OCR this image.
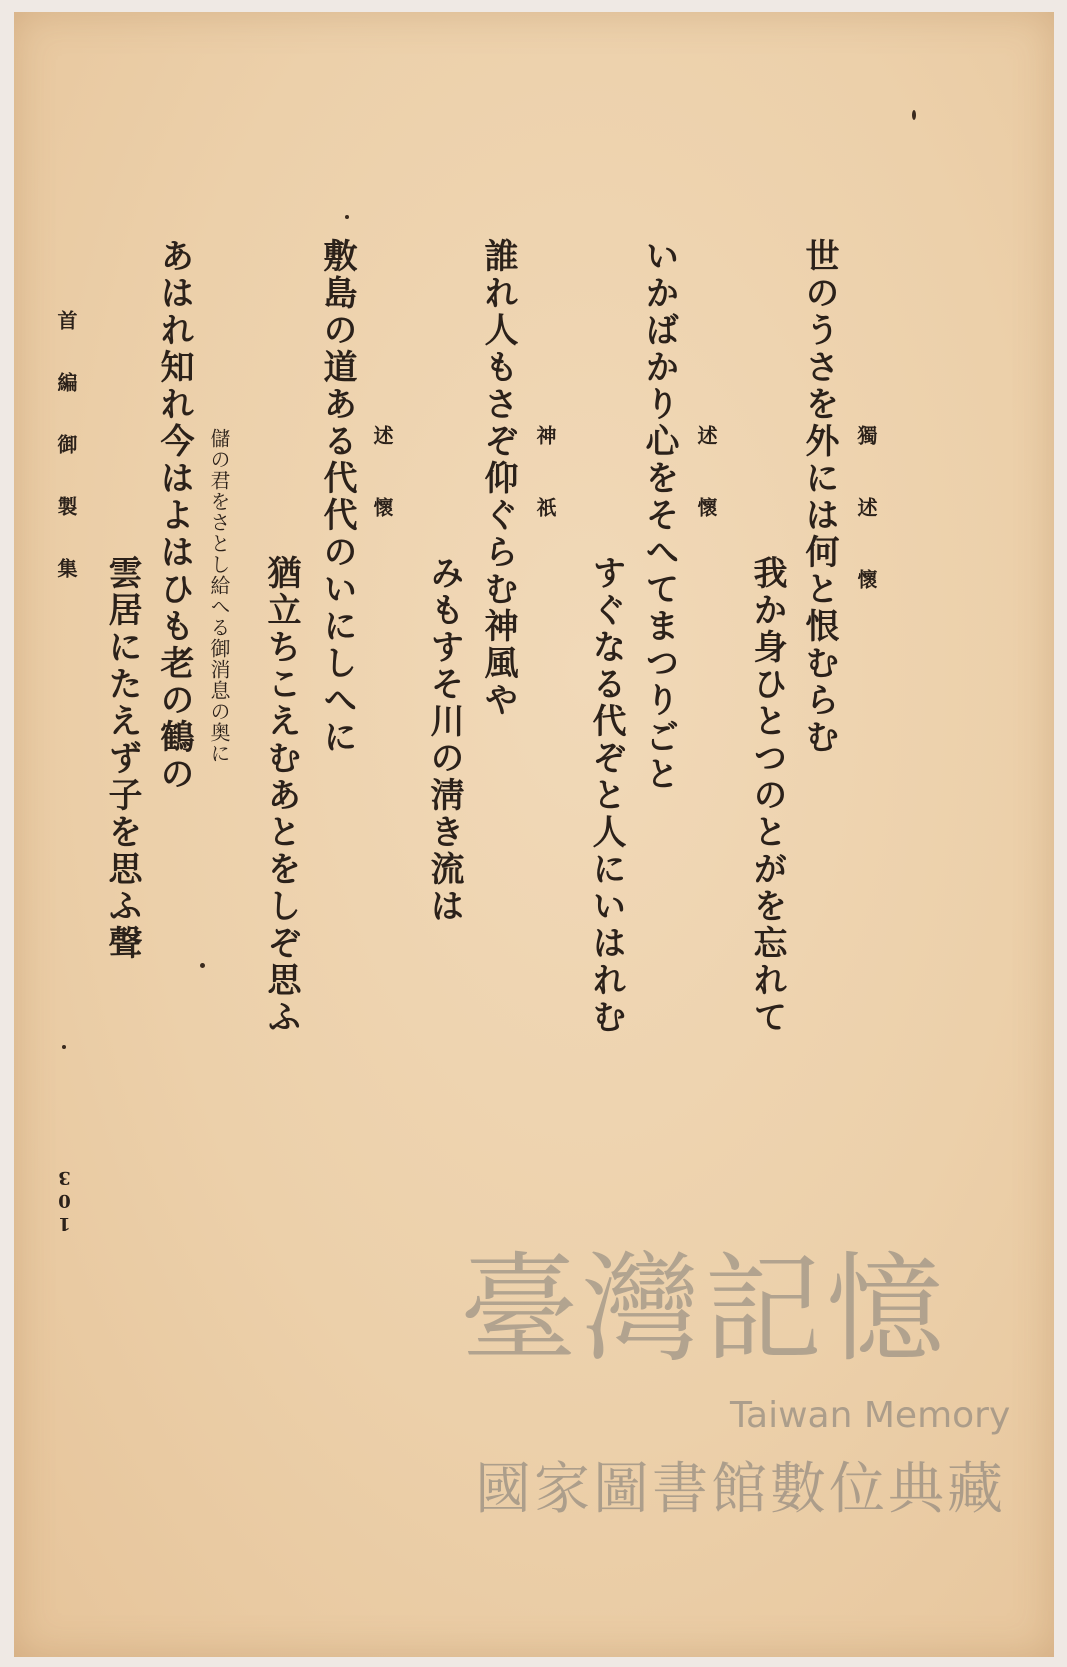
獨述懷
世のうさを外には何と恨むらむ
我か身ひとつのとがを忘れて
述懷
いかばかり心をそへてまつりごと
すぐなる代ぞと人にいはれむ
神祇
誰れ人もさぞ仰ぐらむ神風や
みもすそ川の淸き流は
述懷
敷島の道ある代代のいにしへに
猶立ちこえむあとをしぞ思ふ
儲の君をさとし給へる御消息の奥に
あはれ知れ今はよはひも老の鶴の
雲居にたえず子を思ふ聲
首編御製集
103
臺灣記憶
Taiwan Memory
國家圖書館數位典藏
